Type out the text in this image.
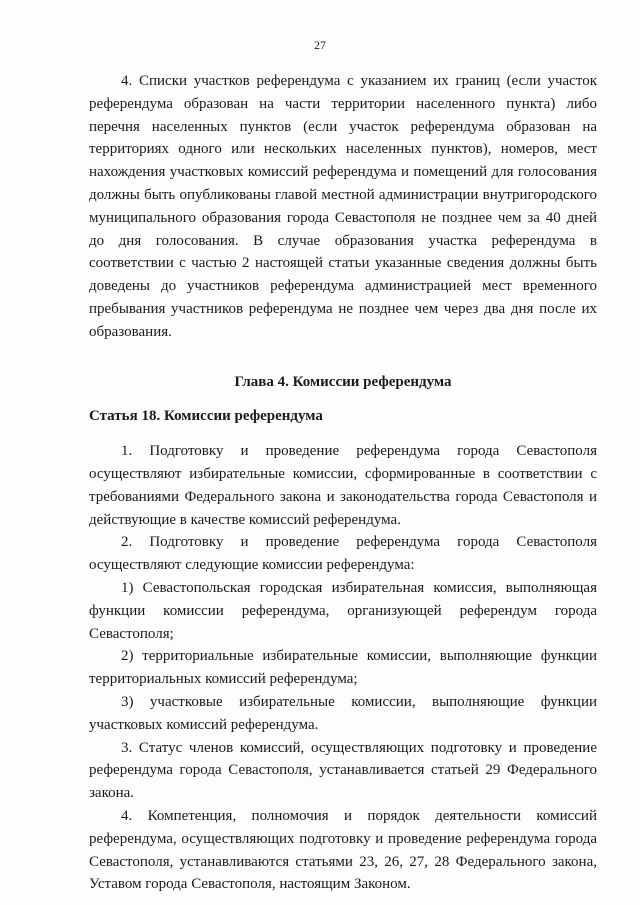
27

4. Списки участков референдума с указанием их границ (если участок референдума образован на части территории населенного пункта) либо перечня населенных пунктов (если участок референдума образован на территориях одного или нескольких населенных пунктов), номеров, мест нахождения участковых комиссий референдума и помещений для голосования должны быть опубликованы главой местной администрации внутригородского муниципального образования города Севастополя не позднее чем за 40 дней до дня голосования. В случае образования участка референдума в соответствии с частью 2 настоящей статьи указанные сведения должны быть доведены до участников референдума администрацией мест временного пребывания участников референдума не позднее чем через два дня после их образования.

Глава 4. Комиссии референдума

Статья 18. Комиссии референдума

1. Подготовку и проведение референдума города Севастополя осуществляют избирательные комиссии, сформированные в соответствии с требованиями Федерального закона и законодательства города Севастополя и действующие в качестве комиссий референдума.

2. Подготовку и проведение референдума города Севастополя осуществляют следующие комиссии референдума:

1) Севастопольская городская избирательная комиссия, выполняющая функции комиссии референдума, организующей референдум города Севастополя;

2) территориальные избирательные комиссии, выполняющие функции территориальных комиссий референдума;

3) участковые избирательные комиссии, выполняющие функции участковых комиссий референдума.

3. Статус членов комиссий, осуществляющих подготовку и проведение референдума города Севастополя, устанавливается статьей 29 Федерального закона.

4. Компетенция, полномочия и порядок деятельности комиссий референдума, осуществляющих подготовку и проведение референдума города Севастополя, устанавливаются статьями 23, 26, 27, 28 Федерального закона, Уставом города Севастополя, настоящим Законом.
